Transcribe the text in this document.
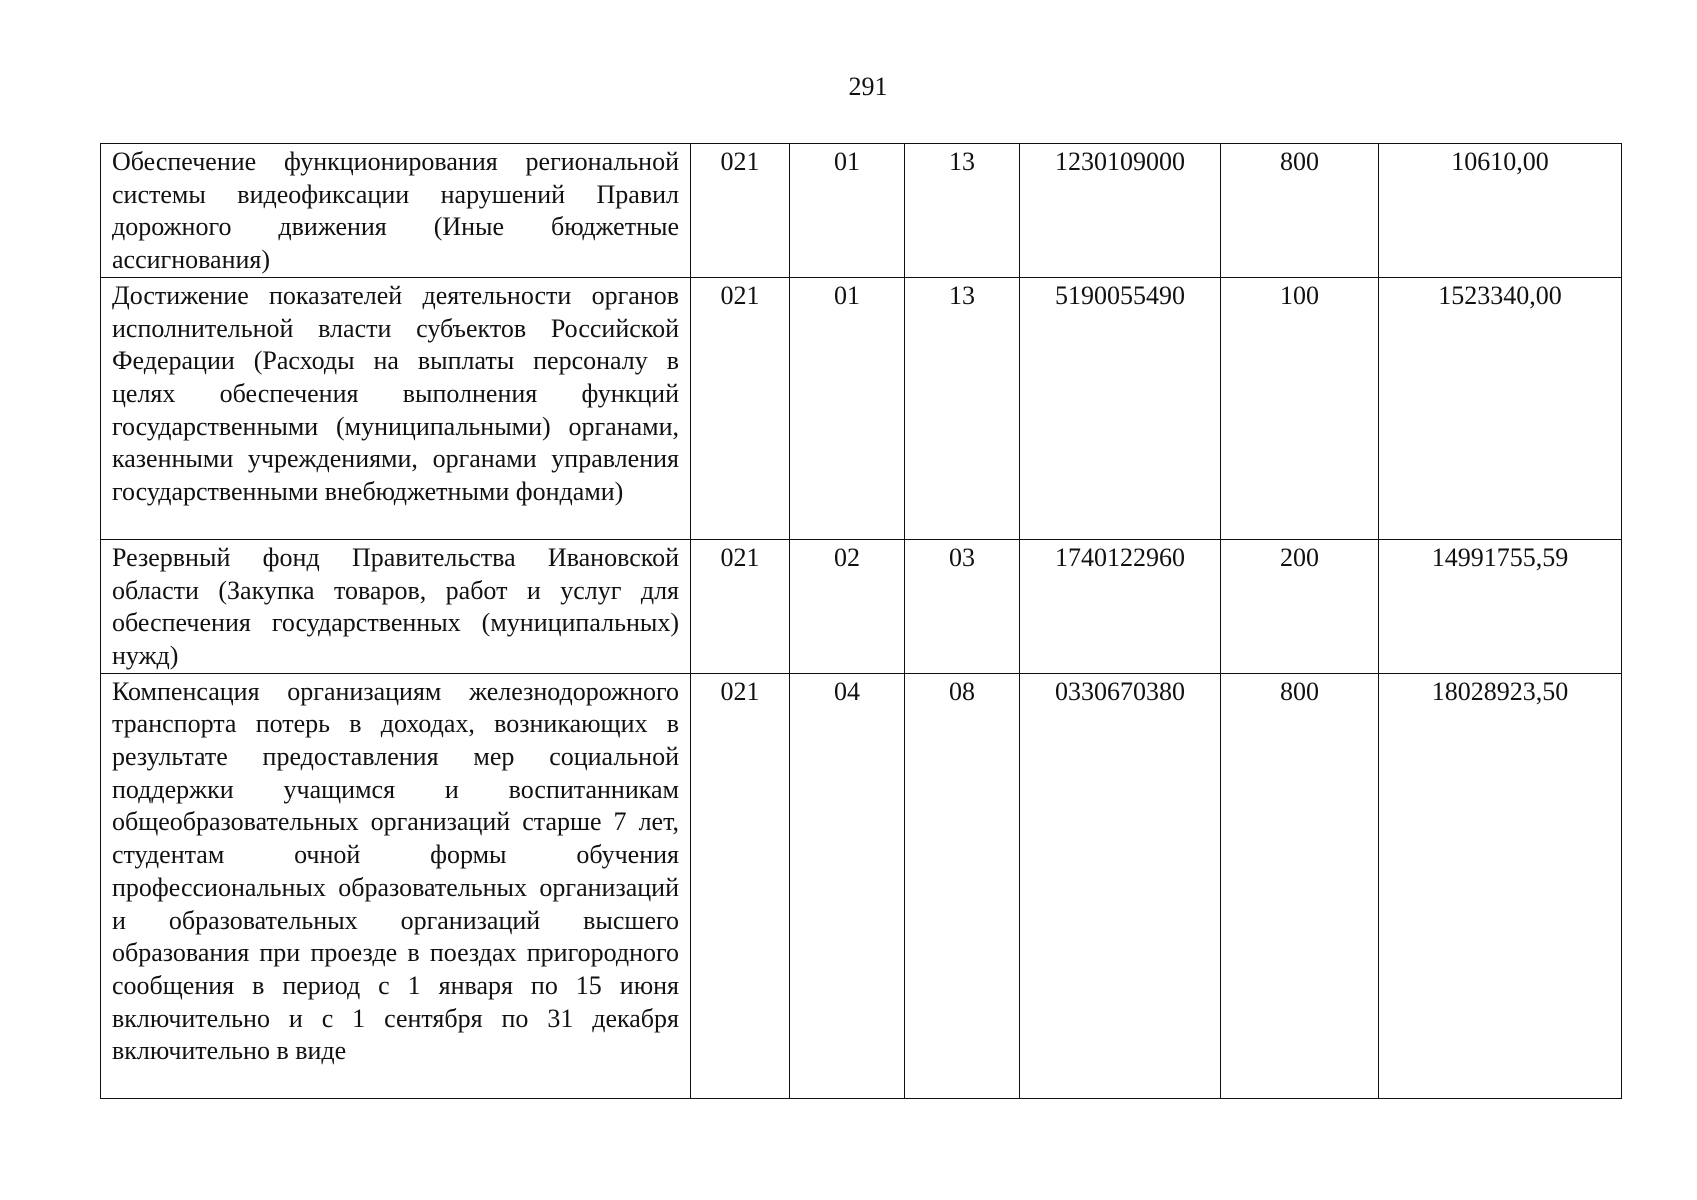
291
Обеспечение функционирования региональной системы видеофиксации нарушений Правил дорожного движения (Иные бюджетные ассигнования)	021	01	13	1230109000	800	10610,00
Достижение показателей деятельности органов исполнительной власти субъектов Российской Федерации (Расходы на выплаты персоналу в целях обеспечения выполнения функций государственными (муниципальными) органами, казенными учреждениями, органами управления государственными внебюджетными фондами)	021	01	13	5190055490	100	1523340,00
Резервный фонд Правительства Ивановской области (Закупка товаров, работ и услуг для обеспечения государственных (муниципальных) нужд)	021	02	03	1740122960	200	14991755,59
Компенсация организациям железнодорожного транспорта потерь в доходах, возникающих в результате предоставления мер социальной поддержки учащимся и воспитанникам общеобразовательных организаций старше 7 лет, студентам очной формы обучения профессиональных образовательных организаций и образовательных организаций высшего образования при проезде в поездах пригородного сообщения в период с 1 января по 15 июня включительно и с 1 сентября по 31 декабря включительно в виде	021	04	08	0330670380	800	18028923,50
